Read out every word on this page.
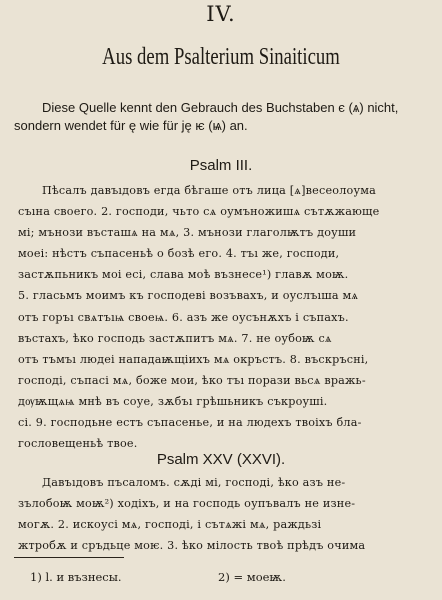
IV.
Aus dem Psalterium Sinaiticum
Diese Quelle kennt den Gebrauch des Buchstaben є (ѧ) nicht,
sondern wendet für ę wie für ję ѥ (ѩ) an.
Psalm III.
Пѣсалъ давъıдовъ егда бѣгаше отъ лица [ѧ]весеолоума
съıна своего. 2. господи, чьто сѧ оумъножишѧ сътѫжающе
мі; мънози въсташѧ на мѧ, 3. мънози глаголѭтъ доуши
моеі: нѣстъ съпасеньѣ о бозѣ его. 4. тъı же, господи,
застѫпьникъ моі есі, слава моѣ възнесе¹) главѫ моѭ.
5. гласьмъ моимъ къ господеві возъвахъ, и оуслъıша мѧ
отъ горъı свѧтъıѩ своеѩ. 6. азъ же оусънѫхъ і съпахъ.
въстахъ, ѣко господь застѫпитъ мѧ. 7. не оубоѭ сѧ
отъ тъмъı людеі нападаѭщіихъ мѧ окръстъ. 8. въскръсні,
господі, съпасі мѧ, боже мои, ѣко тъı порази вьсѧ вражь-
дѹѭщѧѩ мнѣ въ соуе, зѫбъı грѣшьникъ съкроуші.
сі. 9. господьне естъ съпасенье, и на людехъ твоіхъ бла-
гословещеньѣ твое.
Psalm XXV (XXVI).
Давъıдовъ пъсаломъ. сѫді мі, господі, ѣко азъ не-
зълобоѭ моѭ²) ходіхъ, и на господь оупъвалъ не изне-
могѫ. 2. искоусі мѧ, господі, і сътѧжі мѧ, раждьзі
жтробѫ и сръдьце моѥ. 3. ѣко мілость твоѣ прѣдъ очима
1) l. и възнесы.	2) = моеѭ.
